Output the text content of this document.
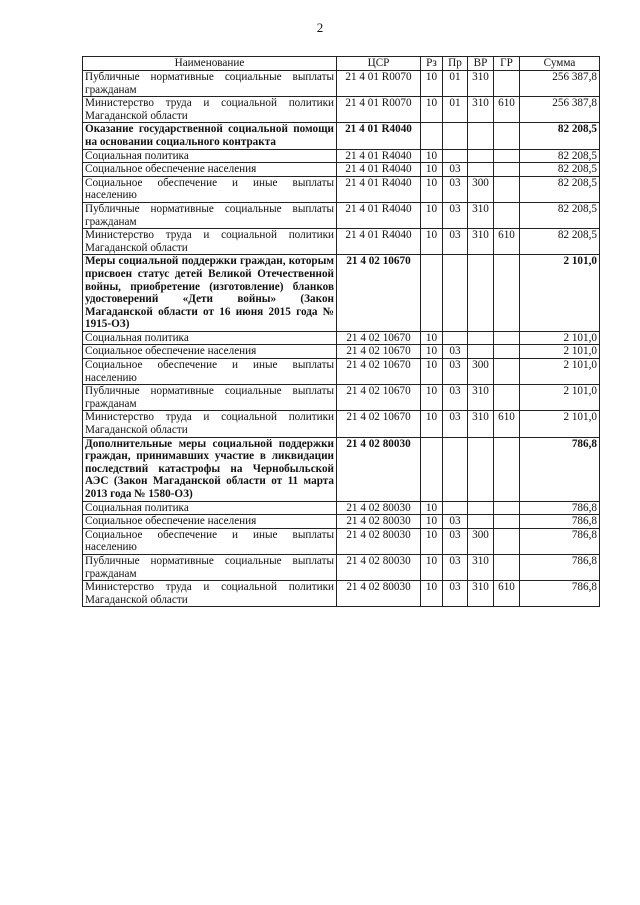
2
Наименование	ЦСР	Рз	Пр	ВР	ГР	Сумма
Публичные нормативные социальные выплаты гражданам	21 4 01 R0070	10	01	310		256 387,8
Министерство труда и социальной политики Магаданской области	21 4 01 R0070	10	01	310	610	256 387,8
Оказание государственной социальной помощи на основании социального контракта	21 4 01 R4040					82 208,5
Социальная политика	21 4 01 R4040	10				82 208,5
Социальное обеспечение населения	21 4 01 R4040	10	03			82 208,5
Социальное обеспечение и иные выплаты населению	21 4 01 R4040	10	03	300		82 208,5
Публичные нормативные социальные выплаты гражданам	21 4 01 R4040	10	03	310		82 208,5
Министерство труда и социальной политики Магаданской области	21 4 01 R4040	10	03	310	610	82 208,5
Меры социальной поддержки граждан, которым присвоен статус детей Великой Отечественной войны, приобретение (изготовление) бланков удостоверений «Дети войны» (Закон Магаданской области от 16 июня 2015 года № 1915-ОЗ)	21 4 02 10670					2 101,0
Социальная политика	21 4 02 10670	10				2 101,0
Социальное обеспечение населения	21 4 02 10670	10	03			2 101,0
Социальное обеспечение и иные выплаты населению	21 4 02 10670	10	03	300		2 101,0
Публичные нормативные социальные выплаты гражданам	21 4 02 10670	10	03	310		2 101,0
Министерство труда и социальной политики Магаданской области	21 4 02 10670	10	03	310	610	2 101,0
Дополнительные меры социальной поддержки граждан, принимавших участие в ликвидации последствий катастрофы на Чернобыльской АЭС (Закон Магаданской области от 11 марта 2013 года № 1580-ОЗ)	21 4 02 80030					786,8
Социальная политика	21 4 02 80030	10				786,8
Социальное обеспечение населения	21 4 02 80030	10	03			786,8
Социальное обеспечение и иные выплаты населению	21 4 02 80030	10	03	300		786,8
Публичные нормативные социальные выплаты гражданам	21 4 02 80030	10	03	310		786,8
Министерство труда и социальной политики Магаданской области	21 4 02 80030	10	03	310	610	786,8
